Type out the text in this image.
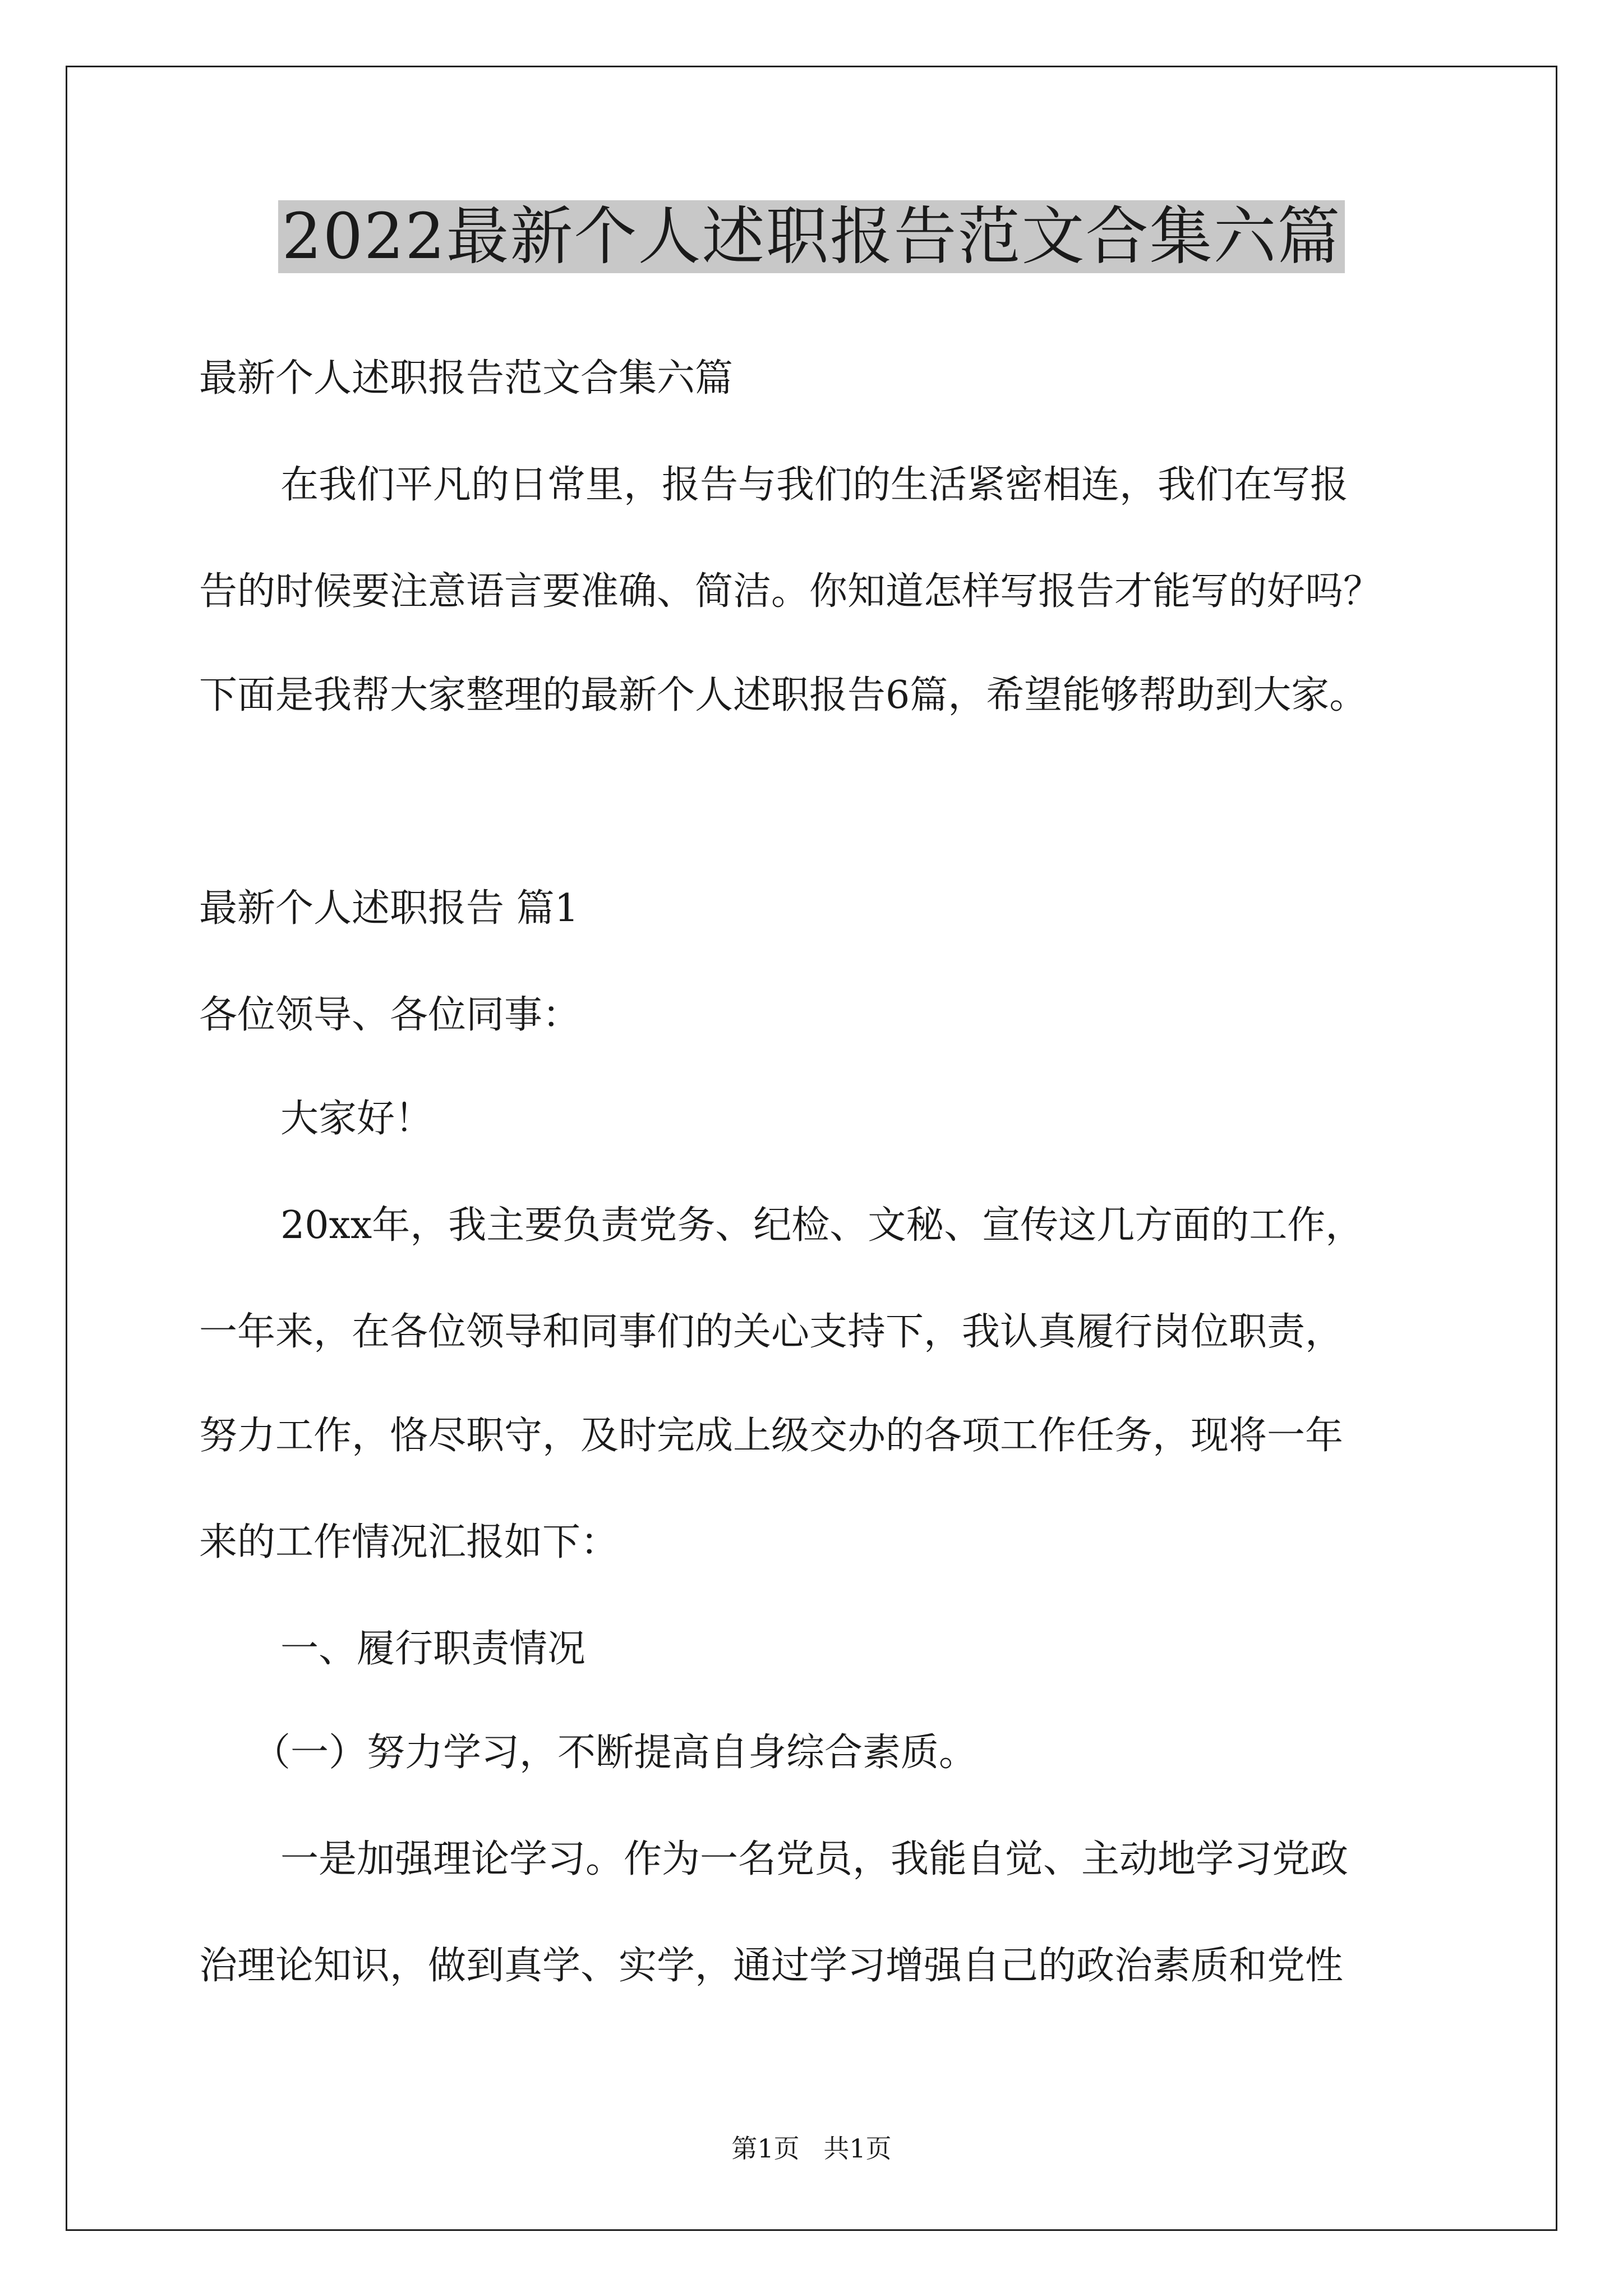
2022最新个人述职报告范文合集六篇

最新个人述职报告范文合集六篇

在我们平凡的日常里，报告与我们的生活紧密相连，我们在写报

告的时候要注意语言要准确、简洁。你知道怎样写报告才能写的好吗？

下面是我帮大家整理的最新个人述职报告6篇，希望能够帮助到大家。

最新个人述职报告 篇1

各位领导、各位同事：

大家好！

20xx年，我主要负责党务、纪检、文秘、宣传这几方面的工作，

一年来，在各位领导和同事们的关心支持下，我认真履行岗位职责，

努力工作，恪尽职守，及时完成上级交办的各项工作任务，现将一年

来的工作情况汇报如下：

一、履行职责情况

（一）努力学习，不断提高自身综合素质。

一是加强理论学习。作为一名党员，我能自觉、主动地学习党政

治理论知识，做到真学、实学，通过学习增强自己的政治素质和党性

第1页 共1页
